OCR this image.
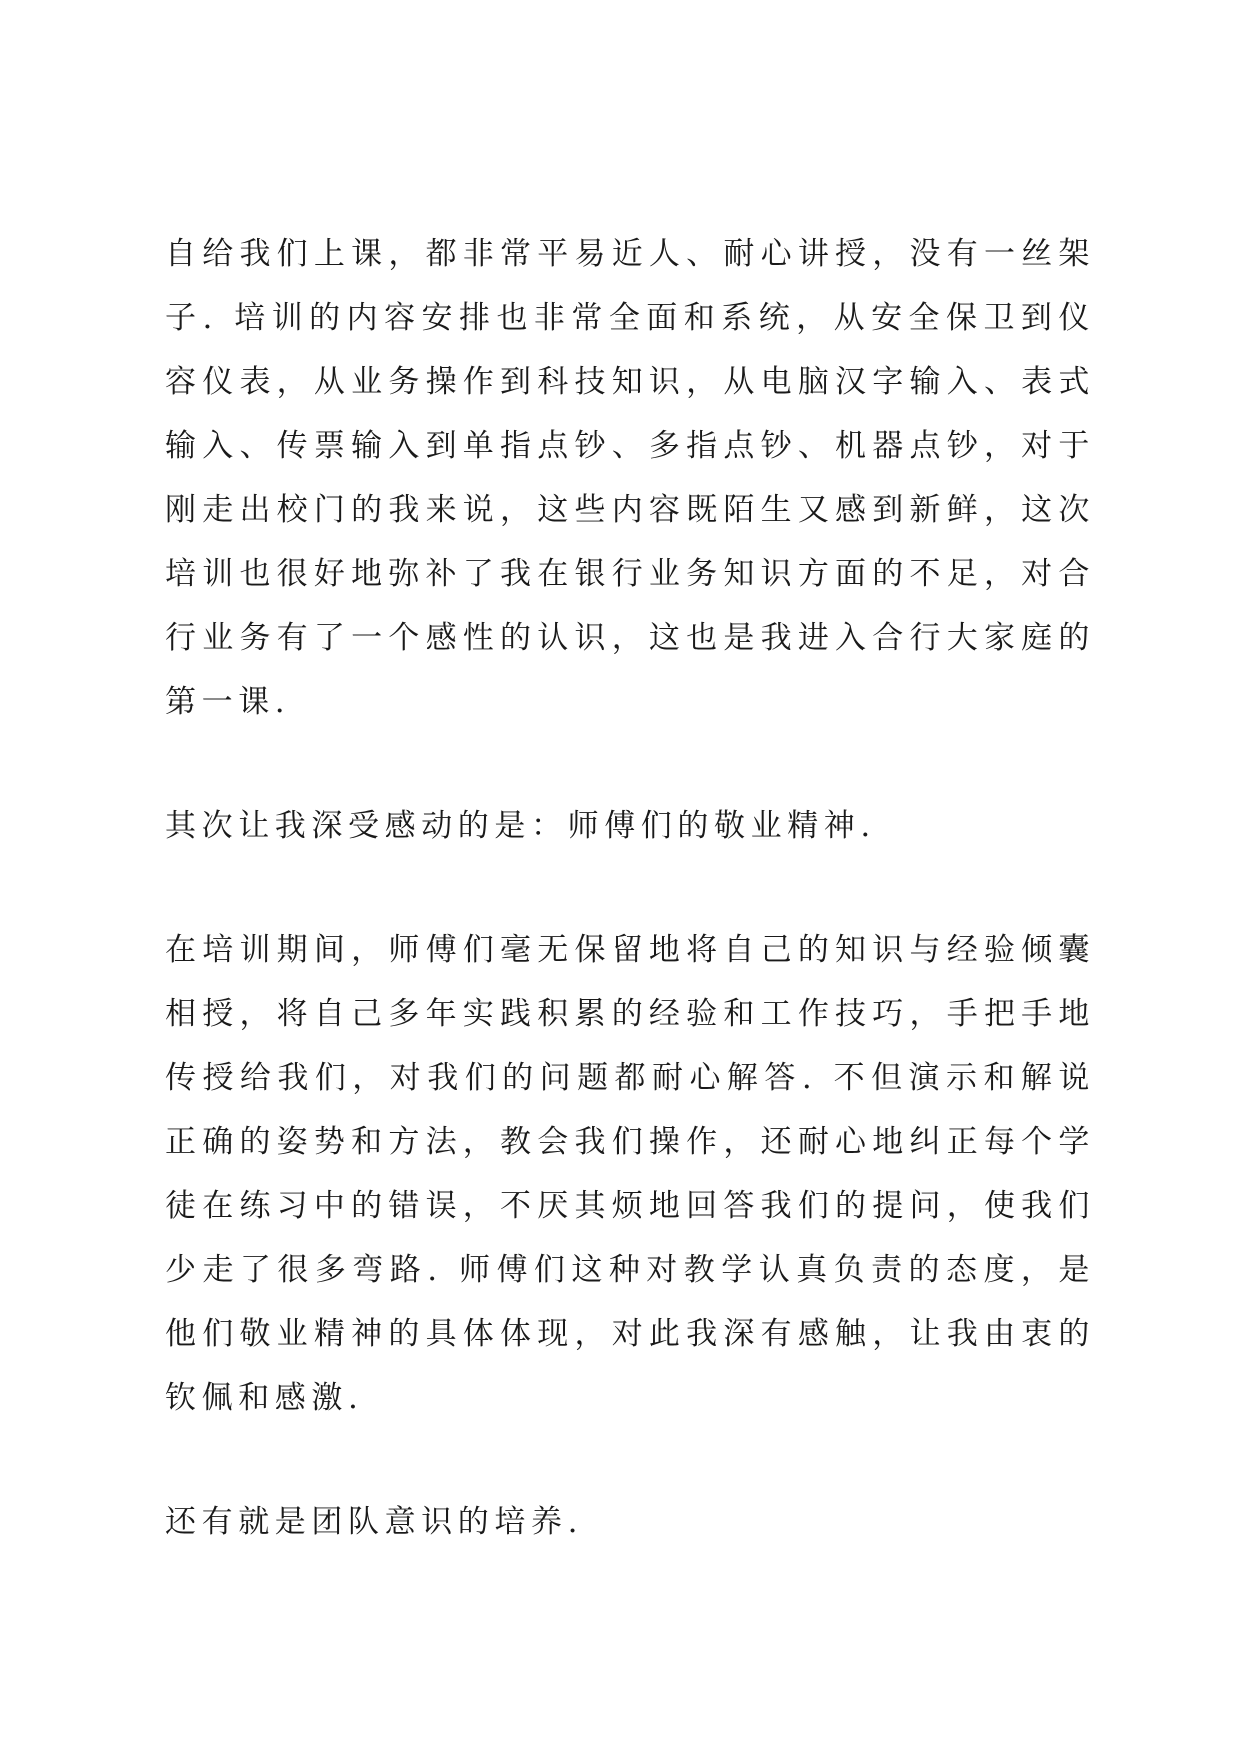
自给我们上课，都非常平易近人、耐心讲授，没有一丝架子. 培训的内容安排也非常全面和系统，从安全保卫到仪容仪表，从业务操作到科技知识，从电脑汉字输入、表式输入、传票输入到单指点钞、多指点钞、机器点钞，对于刚走出校门的我来说，这些内容既陌生又感到新鲜，这次培训也很好地弥补了我在银行业务知识方面的不足，对合行业务有了一个感性的认识，这也是我进入合行大家庭的第一课.

其次让我深受感动的是：师傅们的敬业精神.

在培训期间，师傅们毫无保留地将自己的知识与经验倾囊相授，将自己多年实践积累的经验和工作技巧，手把手地传授给我们，对我们的问题都耐心解答. 不但演示和解说正确的姿势和方法，教会我们操作，还耐心地纠正每个学徒在练习中的错误，不厌其烦地回答我们的提问，使我们少走了很多弯路. 师傅们这种对教学认真负责的态度，是他们敬业精神的具体体现，对此我深有感触，让我由衷的钦佩和感激.

还有就是团队意识的培养.
